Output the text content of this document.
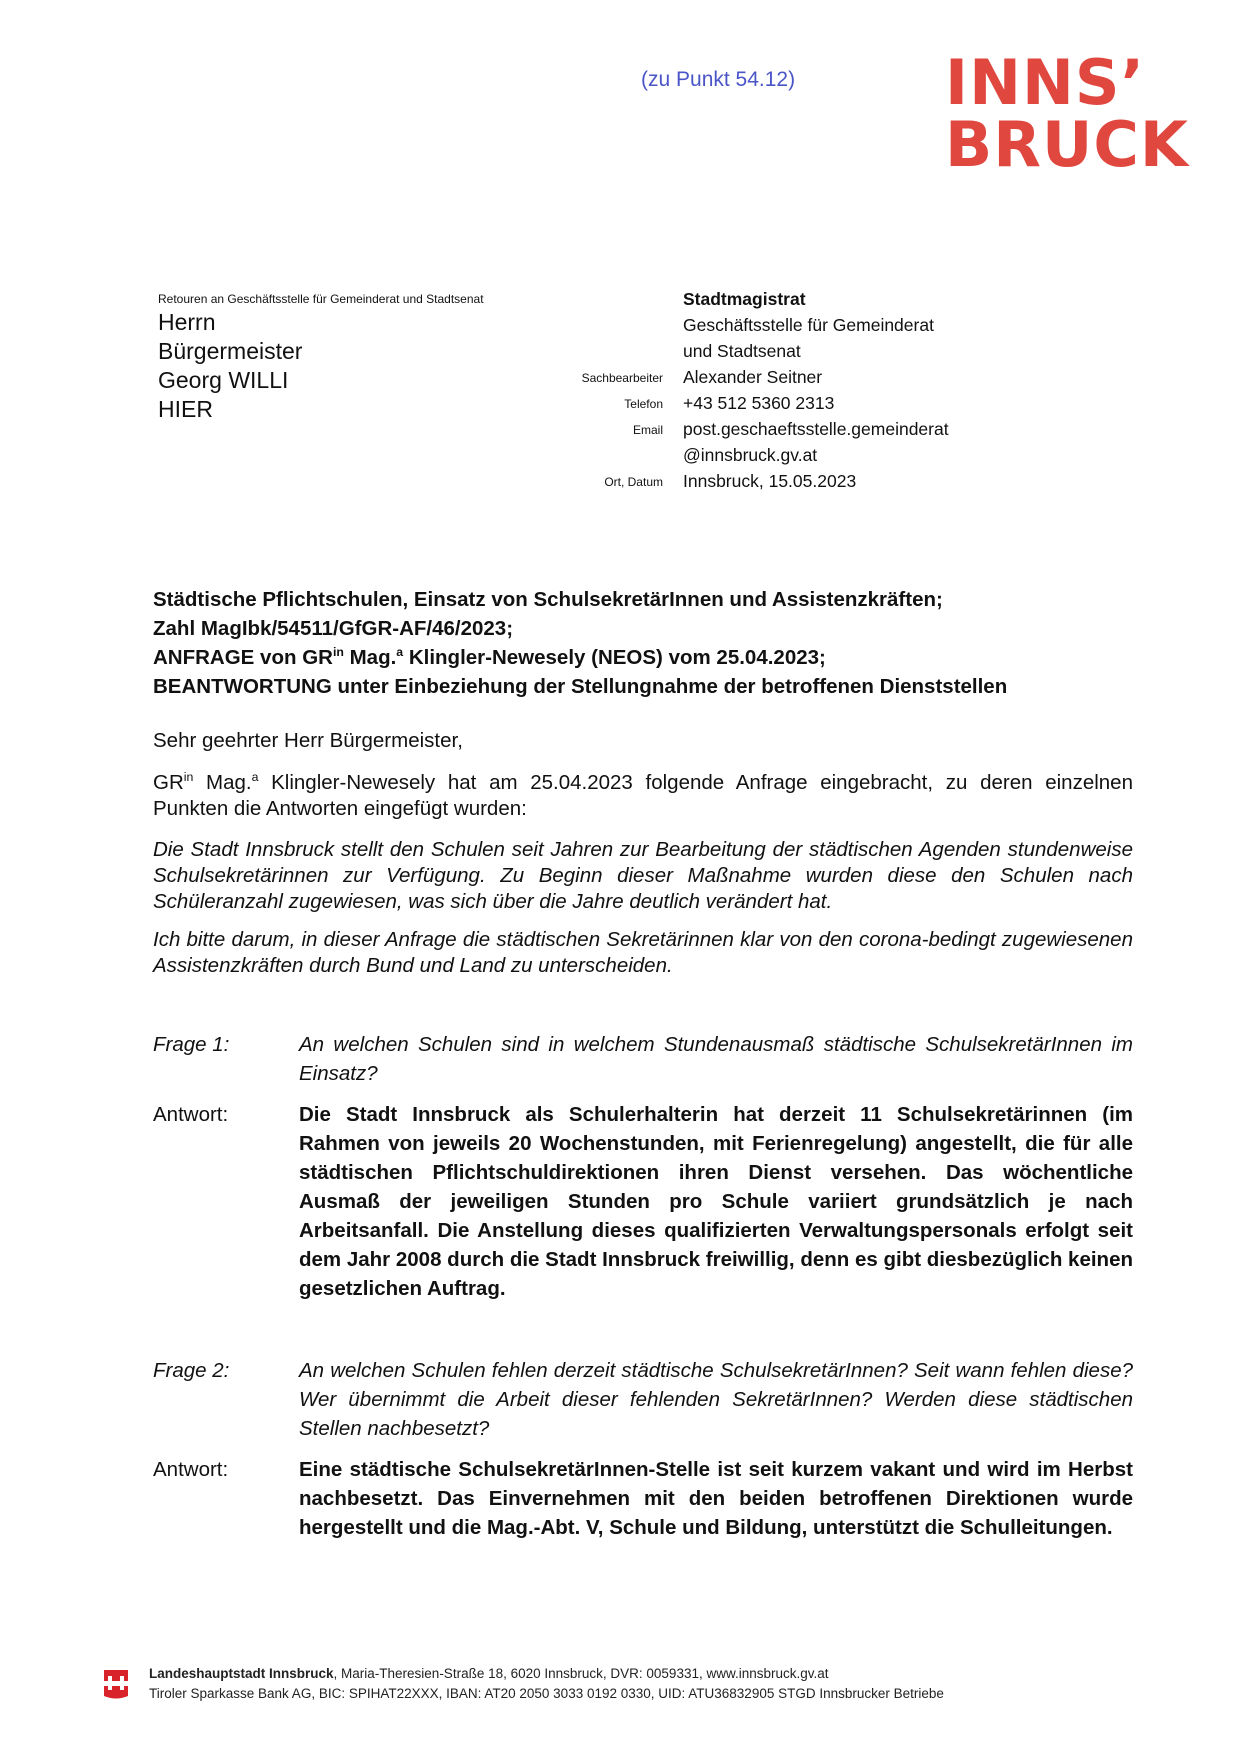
(zu Punkt 54.12) INNS’
BRUCK
Retouren an Geschäftsstelle für Gemeinderat und Stadtsenat
Herrn
Bürgermeister
Georg WILLI
HIER
Stadtmagistrat
Geschäftsstelle für Gemeinderat
und Stadtsenat
Sachbearbeiter	Alexander Seitner
Telefon	+43 512 5360 2313
Email	post.geschaeftsstelle.gemeinderat
@innsbruck.gv.at
Ort, Datum	Innsbruck, 15.05.2023
Städtische Pflichtschulen, Einsatz von SchulsekretärInnen und Assistenzkräften;
Zahl MagIbk/54511/GfGR-AF/46/2023;
ANFRAGE von $GR^{in}$ Mag.$^a$ Klingler-Newesely (NEOS) vom 25.04.2023;
BEANTWORTUNG unter Einbeziehung der Stellungnahme der betroffenen Dienststellen
Sehr geehrter Herr Bürgermeister,
$GR^{in}$ Mag.$^a$ Klingler-Newesely hat am 25.04.2023 folgende Anfrage eingebracht, zu deren einzelnen Punkten die Antworten eingefügt wurden:
Die Stadt Innsbruck stellt den Schulen seit Jahren zur Bearbeitung der städtischen Agenden stundenweise Schulsekretärinnen zur Verfügung. Zu Beginn dieser Maßnahme wurden diese den Schulen nach Schüleranzahl zugewiesen, was sich über die Jahre deutlich verändert hat.
Ich bitte darum, in dieser Anfrage die städtischen Sekretärinnen klar von den corona-bedingt zugewiesenen Assistenzkräften durch Bund und Land zu unterscheiden.
Frage 1:	An welchen Schulen sind in welchem Stundenausmaß städtische SchulsekretärInnen im Einsatz?
Antwort:	Die Stadt Innsbruck als Schulerhalterin hat derzeit 11 Schulsekretärinnen (im Rahmen von jeweils 20 Wochenstunden, mit Ferienregelung) angestellt, die für alle städtischen Pflichtschuldirektionen ihren Dienst versehen. Das wöchentliche Ausmaß der jeweiligen Stunden pro Schule variiert grundsätzlich je nach Arbeitsanfall. Die Anstellung dieses qualifizierten Verwaltungspersonals erfolgt seit dem Jahr 2008 durch die Stadt Innsbruck freiwillig, denn es gibt diesbezüglich keinen gesetzlichen Auftrag.
Frage 2:	An welchen Schulen fehlen derzeit städtische SchulsekretärInnen? Seit wann fehlen diese? Wer übernimmt die Arbeit dieser fehlenden SekretärInnen? Werden diese städtischen Stellen nachbesetzt?
Antwort:	Eine städtische SchulsekretärInnen-Stelle ist seit kurzem vakant und wird im Herbst nachbesetzt. Das Einvernehmen mit den beiden betroffenen Direktionen wurde hergestellt und die Mag.-Abt. V, Schule und Bildung, unterstützt die Schulleitungen.
Landeshauptstadt Innsbruck, Maria-Theresien-Straße 18, 6020 Innsbruck, DVR: 0059331, www.innsbruck.gv.at
Tiroler Sparkasse Bank AG, BIC: SPIHAT22XXX, IBAN: AT20 2050 3033 0192 0330, UID: ATU36832905 STGD Innsbrucker Betriebe
